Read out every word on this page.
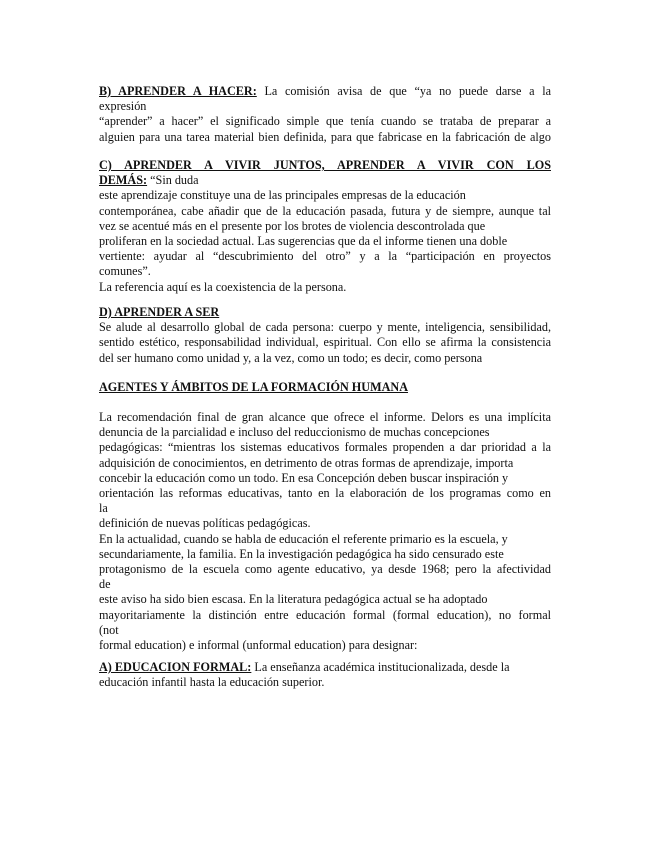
B) APRENDER A HACER: La comisión avisa de que “ya no puede darse a la
expresión
“aprender” a hacer” el significado simple que tenía cuando se trataba de preparar a
alguien para una tarea material bien definida, para que fabricase en la fabricación de algo
C) APRENDER A VIVIR JUNTOS, APRENDER A VIVIR CON LOS
DEMÁS: “Sin duda
este aprendizaje constituye una de las principales empresas de la educación
contemporánea, cabe añadir que de la educación pasada, futura y de siempre, aunque tal
vez se acentué más en el presente por los brotes de violencia descontrolada que
proliferan en la sociedad actual. Las sugerencias que da el informe tienen una doble
vertiente: ayudar al “descubrimiento del otro” y a la “participación en proyectos
comunes”.
La referencia aquí es la coexistencia de la persona.
D) APRENDER A SER
Se alude al desarrollo global de cada persona: cuerpo y mente, inteligencia, sensibilidad,
sentido estético, responsabilidad individual, espiritual. Con ello se afirma la consistencia
del ser humano como unidad y, a la vez, como un todo; es decir, como persona
AGENTES Y ÁMBITOS DE LA FORMACIÓN HUMANA
La recomendación final de gran alcance que ofrece el informe. Delors es una implícita
denuncia de la parcialidad e incluso del reduccionismo de muchas concepciones
pedagógicas: “mientras los sistemas educativos formales propenden a dar prioridad a la
adquisición de conocimientos, en detrimento de otras formas de aprendizaje, importa
concebir la educación como un todo. En esa Concepción deben buscar inspiración y
orientación las reformas educativas, tanto en la elaboración de los programas como en
la
definición de nuevas políticas pedagógicas.
En la actualidad, cuando se habla de educación el referente primario es la escuela, y
secundariamente, la familia. En la investigación pedagógica ha sido censurado este
protagonismo de la escuela como agente educativo, ya desde 1968; pero la afectividad
de
este aviso ha sido bien escasa. En la literatura pedagógica actual se ha adoptado
mayoritariamente la distinción entre educación formal (formal education), no formal
(not
formal education) e informal (unformal education) para designar:
A) EDUCACION FORMAL: La enseñanza académica institucionalizada, desde la
educación infantil hasta la educación superior.
